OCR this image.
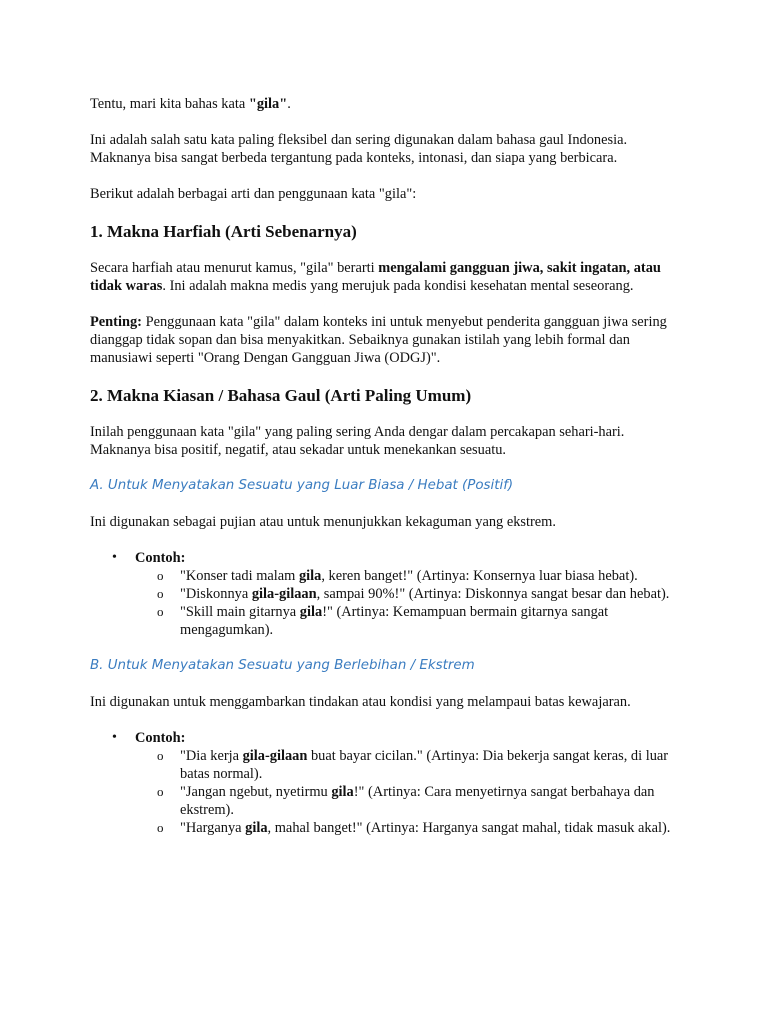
Tentu, mari kita bahas kata "gila".

Ini adalah salah satu kata paling fleksibel dan sering digunakan dalam bahasa gaul Indonesia. Maknanya bisa sangat berbeda tergantung pada konteks, intonasi, dan siapa yang berbicara.

Berikut adalah berbagai arti dan penggunaan kata "gila":

1. Makna Harfiah (Arti Sebenarnya)

Secara harfiah atau menurut kamus, "gila" berarti mengalami gangguan jiwa, sakit ingatan, atau tidak waras. Ini adalah makna medis yang merujuk pada kondisi kesehatan mental seseorang.

Penting: Penggunaan kata "gila" dalam konteks ini untuk menyebut penderita gangguan jiwa sering dianggap tidak sopan dan bisa menyakitkan. Sebaiknya gunakan istilah yang lebih formal dan manusiawi seperti "Orang Dengan Gangguan Jiwa (ODGJ)".

2. Makna Kiasan / Bahasa Gaul (Arti Paling Umum)

Inilah penggunaan kata "gila" yang paling sering Anda dengar dalam percakapan sehari-hari. Maknanya bisa positif, negatif, atau sekadar untuk menekankan sesuatu.

A. Untuk Menyatakan Sesuatu yang Luar Biasa / Hebat (Positif)

Ini digunakan sebagai pujian atau untuk menunjukkan kekaguman yang ekstrem.

• Contoh:
o "Konser tadi malam gila, keren banget!" (Artinya: Konsernya luar biasa hebat).
o "Diskonnya gila-gilaan, sampai 90%!" (Artinya: Diskonnya sangat besar dan hebat).
o "Skill main gitarnya gila!" (Artinya: Kemampuan bermain gitarnya sangat mengagumkan).
B. Untuk Menyatakan Sesuatu yang Berlebihan / Ekstrem

Ini digunakan untuk menggambarkan tindakan atau kondisi yang melampaui batas kewajaran.

• Contoh:
o "Dia kerja gila-gilaan buat bayar cicilan." (Artinya: Dia bekerja sangat keras, di luar batas normal).
o "Jangan ngebut, nyetirmu gila!" (Artinya: Cara menyetirnya sangat berbahaya dan ekstrem).
o "Harganya gila, mahal banget!" (Artinya: Harganya sangat mahal, tidak masuk akal).
